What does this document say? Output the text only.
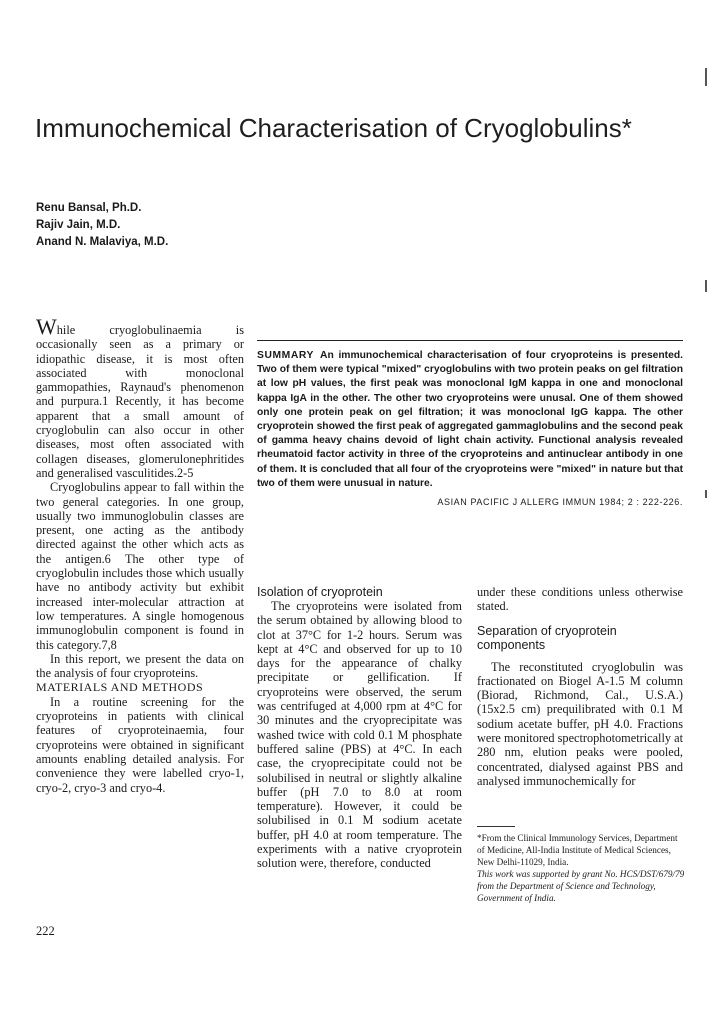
Immunochemical Characterisation of Cryoglobulins*
Renu Bansal, Ph.D.
Rajiv Jain, M.D.
Anand N. Malaviya, M.D.

While cryoglobulinaemia is occasionally seen as a primary or idiopathic disease, it is most often associated with monoclonal gammopathies, Raynaud's phenomenon and purpura.1 Recently, it has become apparent that a small amount of cryoglobulin can also occur in other diseases, most often associated with collagen diseases, glomerulonephritides and generalised vasculitides.2-5

Cryoglobulins appear to fall within the two general categories. In one group, usually two immunoglobulin classes are present, one acting as the antibody directed against the other which acts as the antigen.6 The other type of cryoglobulin includes those which usually have no antibody activity but exhibit increased inter-molecular attraction at low temperatures. A single homogenous immunoglobulin component is found in this category.7,8

In this report, we present the data on the analysis of four cryoproteins.

MATERIALS AND METHODS

In a routine screening for the cryoproteins in patients with clinical features of cryoproteinaemia, four cryoproteins were obtained in significant amounts enabling detailed analysis. For convenience they were labelled cryo-1, cryo-2, cryo-3 and cryo-4.

SUMMARY An immunochemical characterisation of four cryoproteins is presented. Two of them were typical "mixed" cryoglobulins with two protein peaks on gel filtration at low pH values, the first peak was monoclonal IgM kappa in one and monoclonal kappa IgA in the other. The other two cryoproteins were unusal. One of them showed only one protein peak on gel filtration; it was monoclonal IgG kappa. The other cryoprotein showed the first peak of aggregated gammaglobulins and the second peak of gamma heavy chains devoid of light chain activity. Functional analysis revealed rheumatoid factor activity in three of the cryoproteins and antinuclear antibody in one of them. It is concluded that all four of the cryoproteins were "mixed" in nature but that two of them were unusual in nature.

ASIAN PACIFIC J ALLERG IMMUN 1984; 2 : 222-226.

Isolation of cryoprotein

The cryoproteins were isolated from the serum obtained by allowing blood to clot at 37°C for 1-2 hours. Serum was kept at 4°C and observed for up to 10 days for the appearance of chalky precipitate or gellification. If cryoproteins were observed, the serum was centrifuged at 4,000 rpm at 4°C for 30 minutes and the cryoprecipitate was washed twice with cold 0.1 M phosphate buffered saline (PBS) at 4°C. In each case, the cryoprecipitate could not be solubilised in neutral or slightly alkaline buffer (pH 7.0 to 8.0 at room temperature). However, it could be solubilised in 0.1 M sodium acetate buffer, pH 4.0 at room temperature. The experiments with a native cryoprotein solution were, therefore, conducted

under these conditions unless otherwise stated.

Separation of cryoprotein components

The reconstituted cryoglobulin was fractionated on Biogel A-1.5 M column (Biorad, Richmond, Cal., U.S.A.) (15x2.5 cm) prequilibrated with 0.1 M sodium acetate buffer, pH 4.0. Fractions were monitored spectrophotometrically at 280 nm, elution peaks were pooled, concentrated, dialysed against PBS and analysed immunochemically for

*From the Clinical Immunology Services, Department of Medicine, All-India Institute of Medical Sciences, New Delhi-11029, India.
This work was supported by grant No. HCS/DST/679/79 from the Department of Science and Technology, Government of India.
222
